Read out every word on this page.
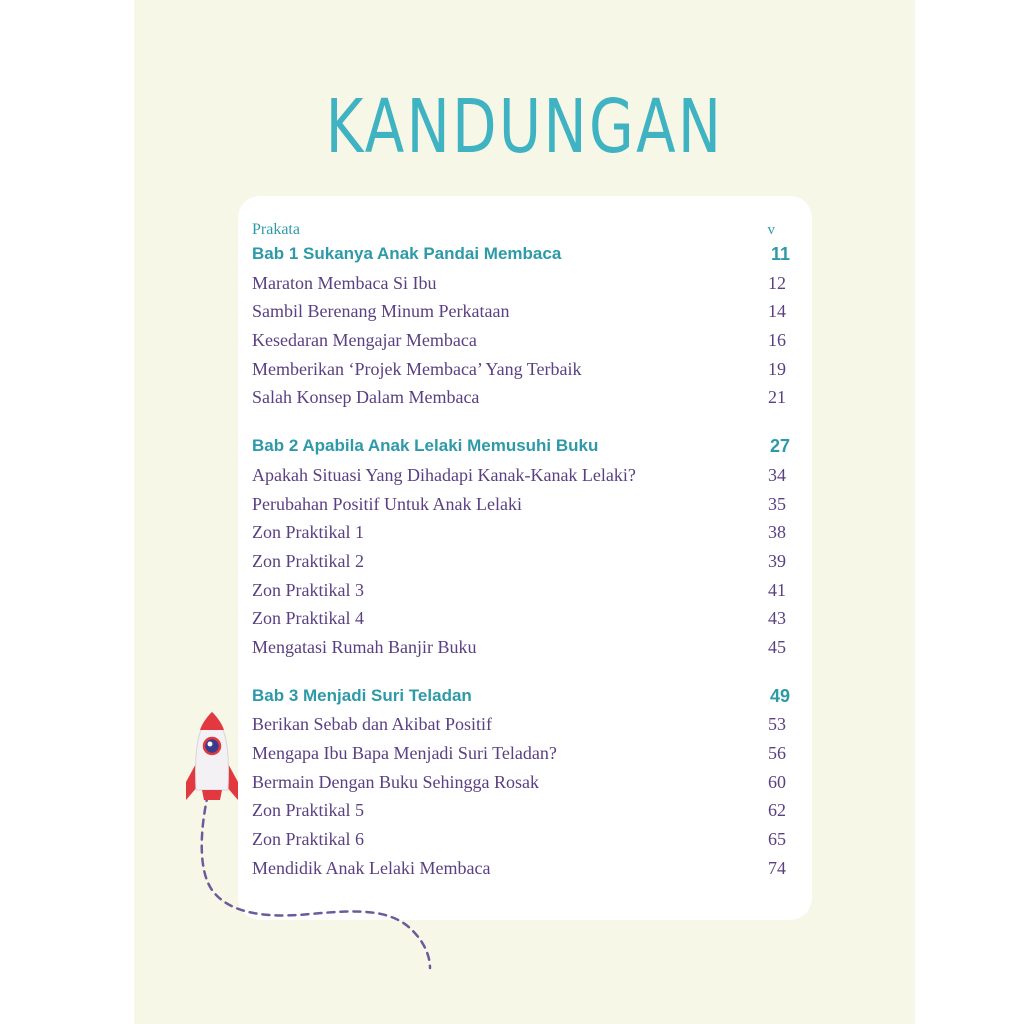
KANDUNGAN
Prakata	v
Bab 1 Sukanya Anak Pandai Membaca	11
Maraton Membaca Si Ibu	12
Sambil Berenang Minum Perkataan	14
Kesedaran Mengajar Membaca	16
Memberikan ‘Projek Membaca’ Yang Terbaik	19
Salah Konsep Dalam Membaca	21
Bab 2 Apabila Anak Lelaki Memusuhi Buku	27
Apakah Situasi Yang Dihadapi Kanak-Kanak Lelaki?	34
Perubahan Positif Untuk Anak Lelaki	35
Zon Praktikal 1	38
Zon Praktikal 2	39
Zon Praktikal 3	41
Zon Praktikal 4	43
Mengatasi Rumah Banjir Buku	45
Bab 3 Menjadi Suri Teladan	49
Berikan Sebab dan Akibat Positif	53
Mengapa Ibu Bapa Menjadi Suri Teladan?	56
Bermain Dengan Buku Sehingga Rosak	60
Zon Praktikal 5	62
Zon Praktikal 6	65
Mendidik Anak Lelaki Membaca	74
